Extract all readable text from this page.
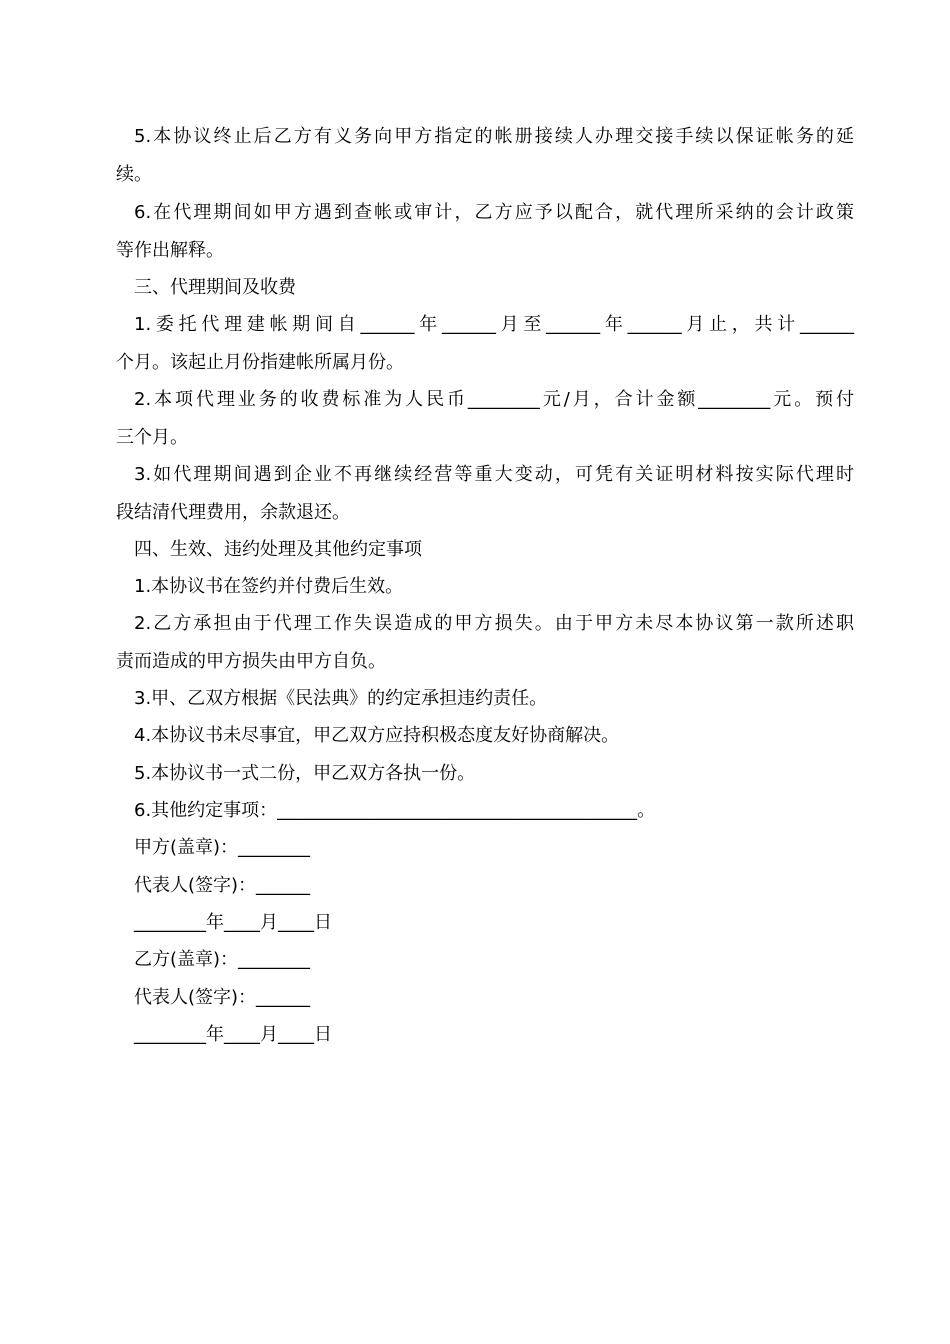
5.本协议终止后乙方有义务向甲方指定的帐册接续人办理交接手续以保证帐务的延
续。
6.在代理期间如甲方遇到查帐或审计，乙方应予以配合，就代理所采纳的会计政策
等作出解释。
三、代理期间及收费
1.委托代理建帐期间自______年______月至______年______月止，共计______
个月。该起止月份指建帐所属月份。
2.本项代理业务的收费标准为人民币________元/月，合计金额________元。预付
三个月。
3.如代理期间遇到企业不再继续经营等重大变动，可凭有关证明材料按实际代理时
段结清代理费用，余款退还。
四、生效、违约处理及其他约定事项
1.本协议书在签约并付费后生效。
2.乙方承担由于代理工作失误造成的甲方损失。由于甲方未尽本协议第一款所述职
责而造成的甲方损失由甲方自负。
3.甲、乙双方根据《民法典》的约定承担违约责任。
4.本协议书未尽事宜，甲乙双方应持积极态度友好协商解决。
5.本协议书一式二份，甲乙双方各执一份。
6.其他约定事项：________________________________________。
甲方(盖章)：________
代表人(签字)：______
________年____月____日
乙方(盖章)：________
代表人(签字)：______
________年____月____日
